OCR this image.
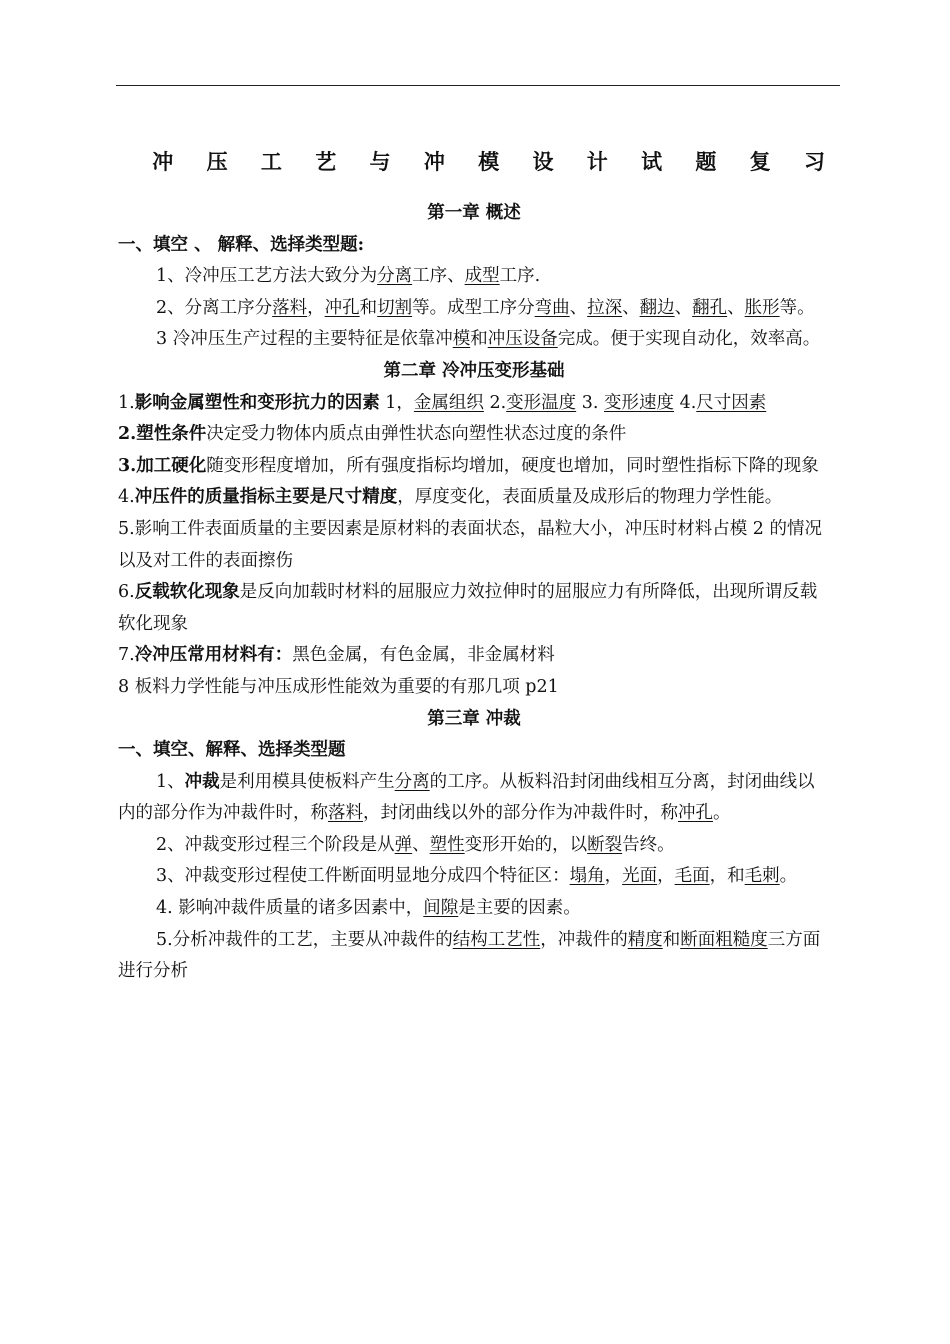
冲 压 工 艺 与 冲 模 设 计 试 题 复 习

第一章 概述

一、填空 、 解释、选择类型题:

1、冷冲压工艺方法大致分为分离工序、成型工序.

2、分离工序分落料，冲孔和切割等。成型工序分弯曲、拉深、翻边、翻孔、胀形等。

3 冷冲压生产过程的主要特征是依靠冲模和冲压设备完成。便于实现自动化，效率高。

第二章 冷冲压变形基础

1.影响金属塑性和变形抗力的因素 1，金属组织 2.变形温度 3. 变形速度 4.尺寸因素

2.塑性条件决定受力物体内质点由弹性状态向塑性状态过度的条件

3.加工硬化随变形程度增加，所有强度指标均增加，硬度也增加，同时塑性指标下降的现象

4.冲压件的质量指标主要是尺寸精度，厚度变化，表面质量及成形后的物理力学性能。

5.影响工件表面质量的主要因素是原材料的表面状态，晶粒大小，冲压时材料占模 2 的情况以及对工件的表面擦伤

6.反载软化现象是反向加载时材料的屈服应力效拉伸时的屈服应力有所降低，出现所谓反载软化现象

7.冷冲压常用材料有：黑色金属，有色金属，非金属材料

8 板料力学性能与冲压成形性能效为重要的有那几项 p21

第三章 冲裁

一、填空、解释、选择类型题

1、冲裁是利用模具使板料产生分离的工序。从板料沿封闭曲线相互分离，封闭曲线以内的部分作为冲裁件时，称落料，封闭曲线以外的部分作为冲裁件时，称冲孔。

2、冲裁变形过程三个阶段是从弹、塑性变形开始的，以断裂告终。

3、冲裁变形过程使工件断面明显地分成四个特征区：塌角，光面，毛面，和毛刺。

4. 影响冲裁件质量的诸多因素中，间隙是主要的因素。

5.分析冲裁件的工艺，主要从冲裁件的结构工艺性，冲裁件的精度和断面粗糙度三方面进行分析
